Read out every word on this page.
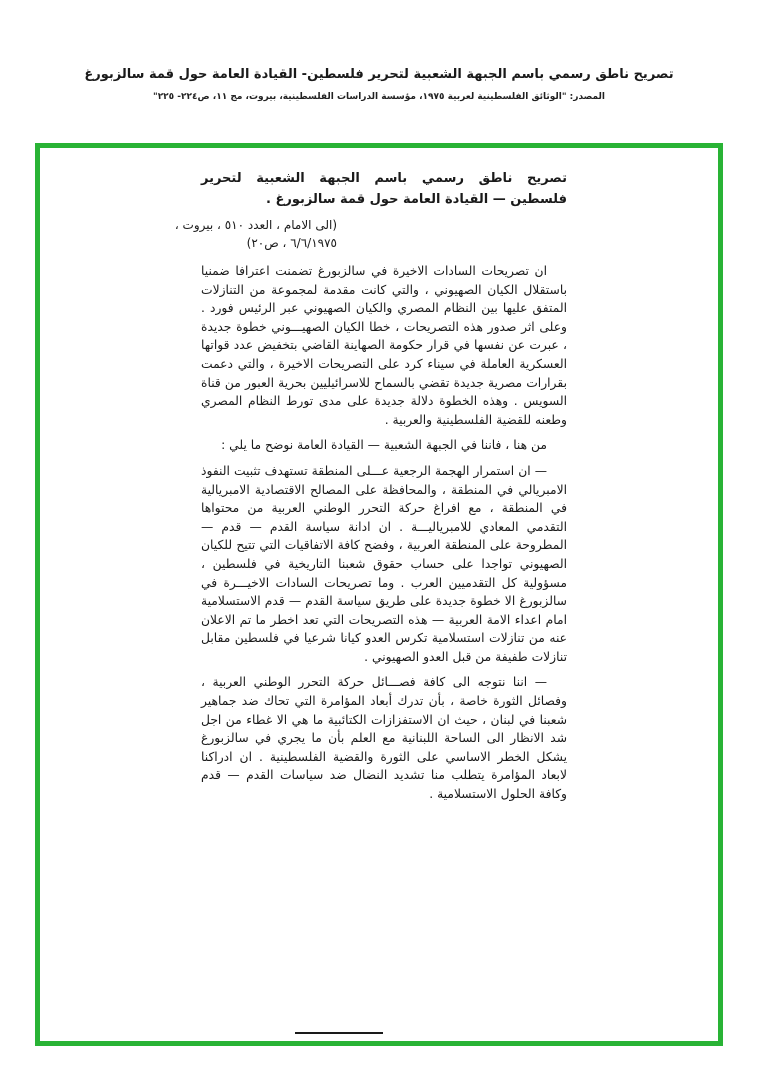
تصريح ناطق رسمي باسم الجبهة الشعبية لتحرير فلسطين- القيادة العامة حول قمة سالزبورغ
المصدر: "الوثائق الفلسطينية لعربية ١٩٧٥، مؤسسة الدراسات الفلسطينية، بيروت، مج ١١، ص٢٢٤- ٢٢٥"

تصريح ناطق رسمي باسم الجبهة الشعبية لتحرير فلسطين — القيادة العامة حول قمة سالزبورغ .

(الى الامام ، العدد ٥١٠ ، بيروت ،
٦/٦/١٩٧٥ ، ص٢٠)

ان تصريحات السادات الاخيرة في سالزبورغ تضمنت اعترافا ضمنيا باستقلال الكيان الصهيوني ، والتي كانت مقدمة لمجموعة من التنازلات المتفق عليها بين النظام المصري والكيان الصهيوني عبر الرئيس فورد . وعلى اثر صدور هذه التصريحات ، خطا الكيان الصهيـــوني خطوة جديدة ، عبرت عن نفسها في قرار حكومة الصهاينة القاضي بتخفيض عدد قواتها العسكرية العاملة في سيناء كرد على التصريحات الاخيرة ، والتي دعمت بقرارات مصرية جديدة تقضي بالسماح للاسرائيليين بحرية العبور من قناة السويس . وهذه الخطوة دلالة جديدة على مدى تورط النظام المصري وطعنه للقضية الفلسطينية والعربية .

من هنا ، فاننا في الجبهة الشعبية — القيادة العامة نوضح ما يلي :

— ان استمرار الهجمة الرجعية عـــلى المنطقة تستهدف تثبيت النفوذ الامبريالي في المنطقة ، والمحافظة على المصالح الاقتصادية الامبريالية في المنطقة ، مع افراغ حركة التحرر الوطني العربية من محتواها التقدمي المعادي للامبرياليـــة . ان ادانة سياسة القدم — قدم — المطروحة على المنطقة العربية ، وفضح كافة الاتفاقيات التي تتيح للكيان الصهيوني تواجدا على حساب حقوق شعبنا التاريخية في فلسطين ، مسؤولية كل التقدميين العرب . وما تصريحات السادات الاخيـــرة في سالزبورغ الا خطوة جديدة على طريق سياسة القدم — قدم الاستسلامية امام اعداء الامة العربية — هذه التصريحات التي تعد اخطر ما تم الاعلان عنه من تنازلات استسلامية تكرس العدو كيانا شرعيا في فلسطين مقابل تنازلات طفيفة من قبل العدو الصهيوني .

— اننا نتوجه الى كافة فصـــائل حركة التحرر الوطني العربية ، وفصائل الثورة خاصة ، بأن تدرك أبعاد المؤامرة التي تحاك ضد جماهير شعبنا في لبنان ، حيث ان الاستفزازات الكتائبية ما هي الا غطاء من اجل شد الانظار الى الساحة اللبنانية مع العلم بأن ما يجري في سالزبورغ يشكل الخطر الاساسي على الثورة والقضية الفلسطينية . ان ادراكنا لابعاد المؤامرة يتطلب منا تشديد النضال ضد سياسات القدم — قدم وكافة الحلول الاستسلامية .
